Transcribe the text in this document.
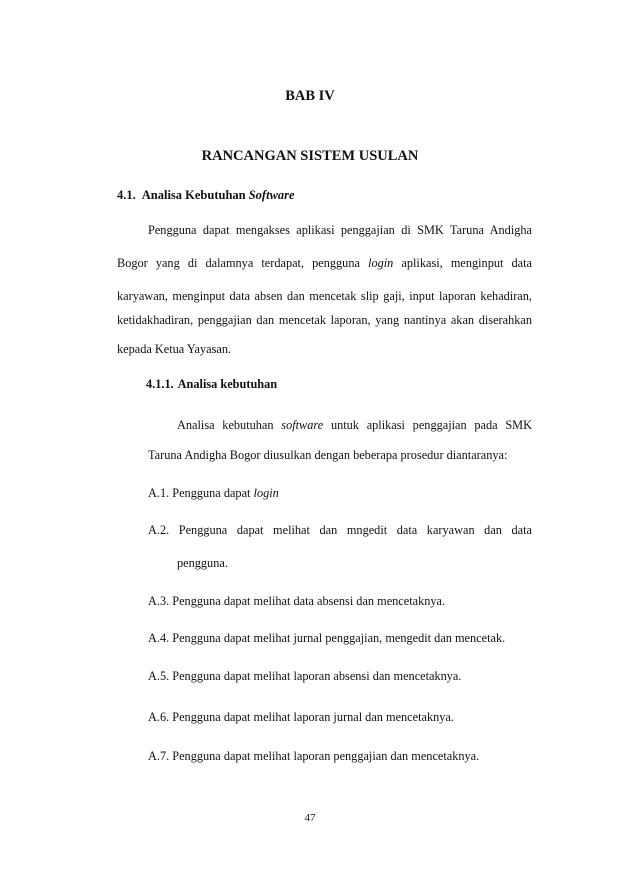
BAB IV
RANCANGAN SISTEM USULAN
4.1. Analisa Kebutuhan Software
Pengguna dapat mengakses aplikasi penggajian di SMK Taruna Andigha
Bogor yang di dalamnya terdapat, pengguna login aplikasi, menginput data
karyawan, menginput data absen dan mencetak slip gaji, input laporan kehadiran,
ketidakhadiran, penggajian dan mencetak laporan, yang nantinya akan diserahkan
kepada Ketua Yayasan.
4.1.1. Analisa kebutuhan
Analisa kebutuhan software untuk aplikasi penggajian pada SMK
Taruna Andigha Bogor diusulkan dengan beberapa prosedur diantaranya:
A.1. Pengguna dapat login
A.2. Pengguna dapat melihat dan mngedit data karyawan dan data
pengguna.
A.3. Pengguna dapat melihat data absensi dan mencetaknya.
A.4. Pengguna dapat melihat jurnal penggajian, mengedit dan mencetak.
A.5. Pengguna dapat melihat laporan absensi dan mencetaknya.
A.6. Pengguna dapat melihat laporan jurnal dan mencetaknya.
A.7. Pengguna dapat melihat laporan penggajian dan mencetaknya.
47
